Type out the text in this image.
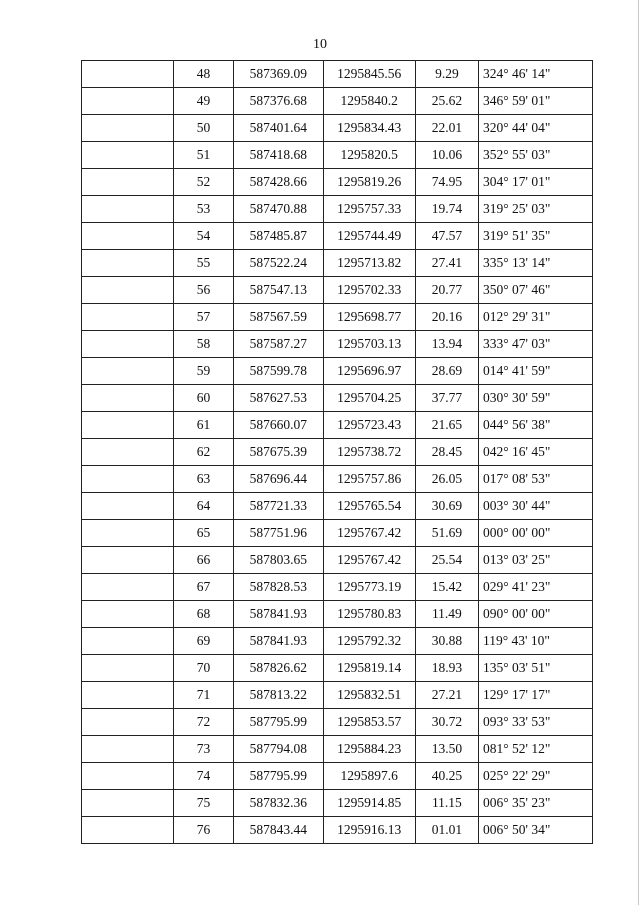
10
	48	587369.09	1295845.56	9.29	324° 46' 14"
	49	587376.68	1295840.2	25.62	346° 59' 01"
	50	587401.64	1295834.43	22.01	320° 44' 04"
	51	587418.68	1295820.5	10.06	352° 55' 03"
	52	587428.66	1295819.26	74.95	304° 17' 01"
	53	587470.88	1295757.33	19.74	319° 25' 03"
	54	587485.87	1295744.49	47.57	319° 51' 35"
	55	587522.24	1295713.82	27.41	335° 13' 14"
	56	587547.13	1295702.33	20.77	350° 07' 46"
	57	587567.59	1295698.77	20.16	012° 29' 31"
	58	587587.27	1295703.13	13.94	333° 47' 03"
	59	587599.78	1295696.97	28.69	014° 41' 59"
	60	587627.53	1295704.25	37.77	030° 30' 59"
	61	587660.07	1295723.43	21.65	044° 56' 38"
	62	587675.39	1295738.72	28.45	042° 16' 45"
	63	587696.44	1295757.86	26.05	017° 08' 53"
	64	587721.33	1295765.54	30.69	003° 30' 44"
	65	587751.96	1295767.42	51.69	000° 00' 00"
	66	587803.65	1295767.42	25.54	013° 03' 25"
	67	587828.53	1295773.19	15.42	029° 41' 23"
	68	587841.93	1295780.83	11.49	090° 00' 00"
	69	587841.93	1295792.32	30.88	119° 43' 10"
	70	587826.62	1295819.14	18.93	135° 03' 51"
	71	587813.22	1295832.51	27.21	129° 17' 17"
	72	587795.99	1295853.57	30.72	093° 33' 53"
	73	587794.08	1295884.23	13.50	081° 52' 12"
	74	587795.99	1295897.6	40.25	025° 22' 29"
	75	587832.36	1295914.85	11.15	006° 35' 23"
	76	587843.44	1295916.13	01.01	006° 50' 34"
